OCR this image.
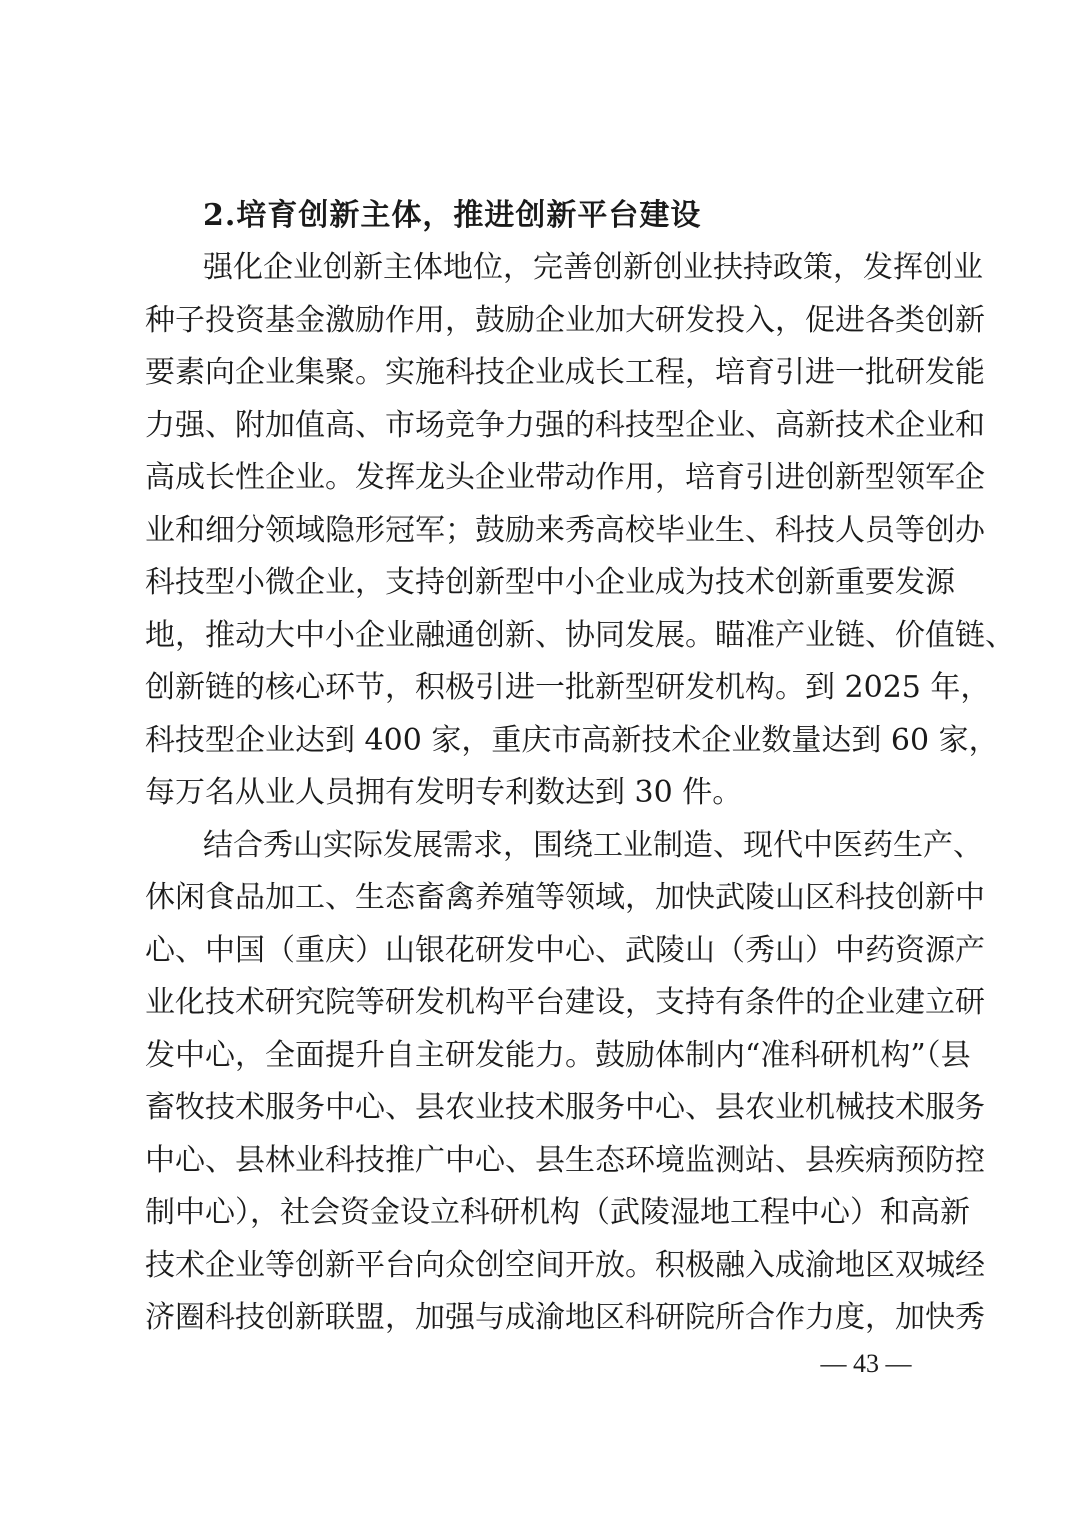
2.培育创新主体，推进创新平台建设
强化企业创新主体地位，完善创新创业扶持政策，发挥创业
种子投资基金激励作用，鼓励企业加大研发投入，促进各类创新
要素向企业集聚。实施科技企业成长工程，培育引进一批研发能
力强、附加值高、市场竞争力强的科技型企业、高新技术企业和
高成长性企业。发挥龙头企业带动作用，培育引进创新型领军企
业和细分领域隐形冠军；鼓励来秀高校毕业生、科技人员等创办
科技型小微企业，支持创新型中小企业成为技术创新重要发源
地，推动大中小企业融通创新、协同发展。瞄准产业链、价值链、
创新链的核心环节，积极引进一批新型研发机构。到 2025 年，
科技型企业达到 400 家，重庆市高新技术企业数量达到 60 家，
每万名从业人员拥有发明专利数达到 30 件。
结合秀山实际发展需求，围绕工业制造、现代中医药生产、
休闲食品加工、生态畜禽养殖等领域，加快武陵山区科技创新中
心、中国（重庆）山银花研发中心、武陵山（秀山）中药资源产
业化技术研究院等研发机构平台建设，支持有条件的企业建立研
发中心，全面提升自主研发能力。鼓励体制内“准科研机构”（县
畜牧技术服务中心、县农业技术服务中心、县农业机械技术服务
中心、县林业科技推广中心、县生态环境监测站、县疾病预防控
制中心），社会资金设立科研机构（武陵湿地工程中心）和高新
技术企业等创新平台向众创空间开放。积极融入成渝地区双城经
济圈科技创新联盟，加强与成渝地区科研院所合作力度，加快秀
— 43 —
